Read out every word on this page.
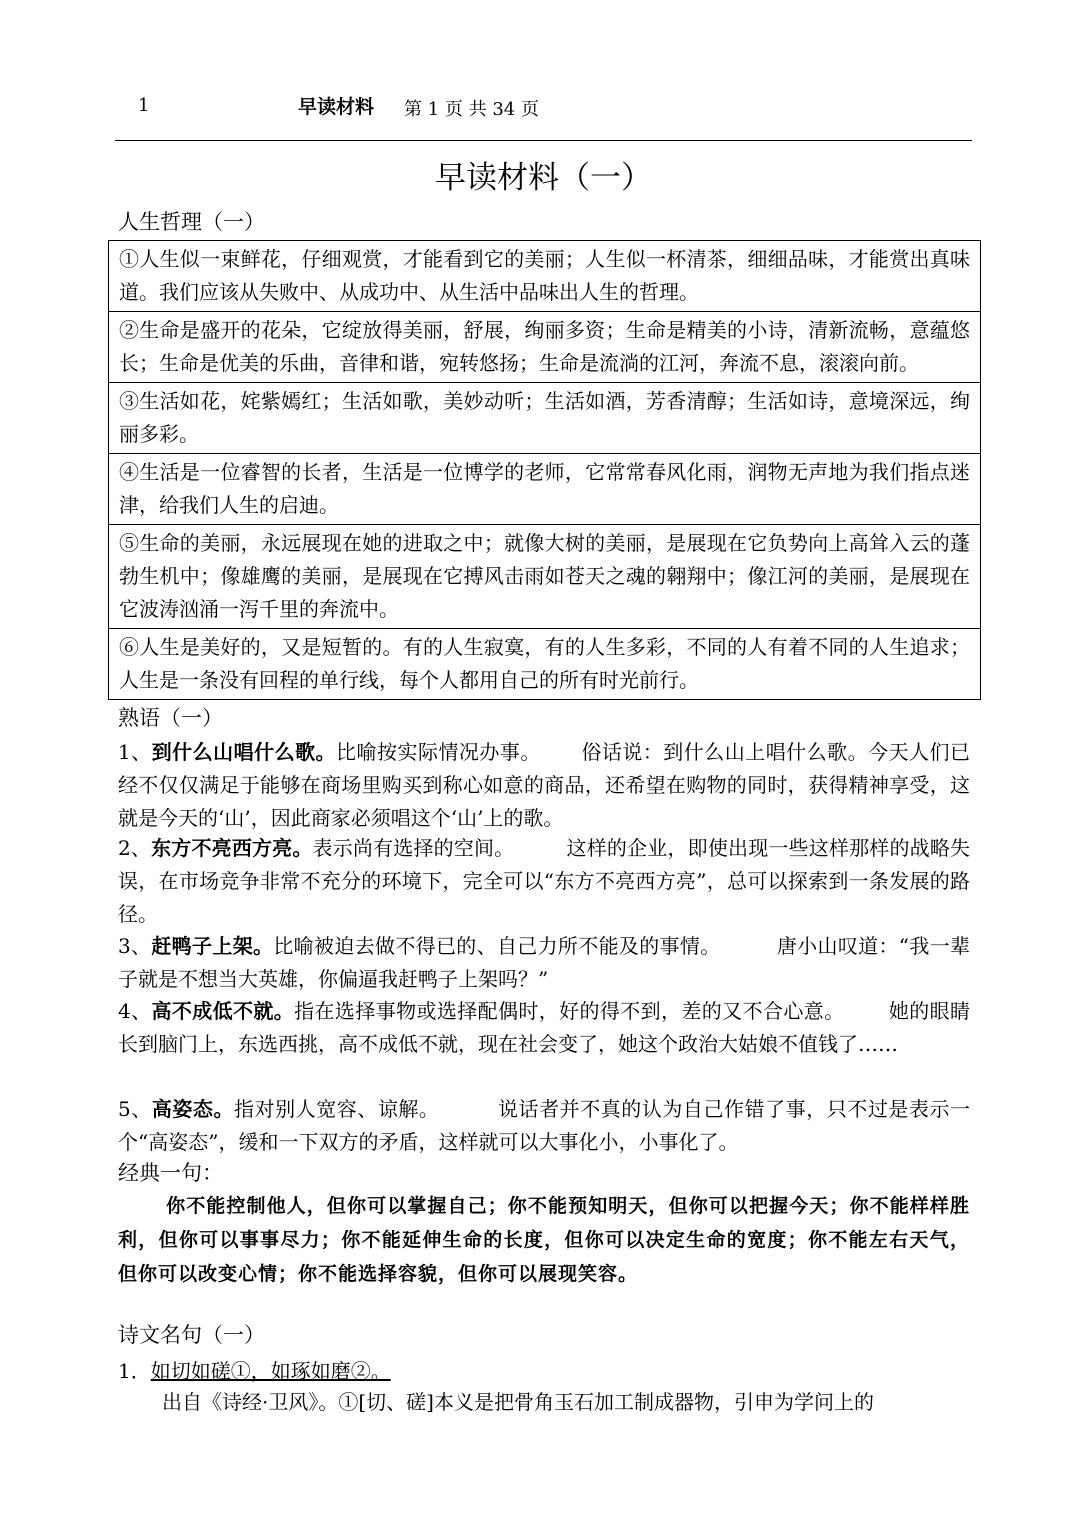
1	早读材料 第 1 页 共 34 页
早读材料（一）
人生哲理（一）
①人生似一束鲜花，仔细观赏，才能看到它的美丽；人生似一杯清茶，细细品味，才能赏出真味道。我们应该从失败中、从成功中、从生活中品味出人生的哲理。
②生命是盛开的花朵，它绽放得美丽，舒展，绚丽多资；生命是精美的小诗，清新流畅，意蕴悠长；生命是优美的乐曲，音律和谐，宛转悠扬；生命是流淌的江河，奔流不息，滚滚向前。
③生活如花，姹紫嫣红；生活如歌，美妙动听；生活如酒，芳香清醇；生活如诗，意境深远，绚丽多彩。
④生活是一位睿智的长者，生活是一位博学的老师，它常常春风化雨，润物无声地为我们指点迷津，给我们人生的启迪。
⑤生命的美丽，永远展现在她的进取之中；就像大树的美丽，是展现在它负势向上高耸入云的蓬勃生机中；像雄鹰的美丽，是展现在它搏风击雨如苍天之魂的翱翔中；像江河的美丽，是展现在它波涛汹涌一泻千里的奔流中。
⑥人生是美好的，又是短暂的。有的人生寂寞，有的人生多彩，不同的人有着不同的人生追求；人生是一条没有回程的单行线，每个人都用自己的所有时光前行。
熟语（一）
1、到什么山唱什么歌。比喻按实际情况办事。 俗话说：到什么山上唱什么歌。今天人们已经不仅仅满足于能够在商场里购买到称心如意的商品，还希望在购物的同时，获得精神享受，这就是今天的‘山’，因此商家必须唱这个‘山’上的歌。
2、东方不亮西方亮。表示尚有选择的空间。	这样的企业，即使出现一些这样那样的战略失误，在市场竞争非常不充分的环境下，完全可以“东方不亮西方亮”，总可以探索到一条发展的路径。
3、赶鸭子上架。比喻被迫去做不得已的、自己力所不能及的事情。	唐小山叹道：“我一辈子就是不想当大英雄，你偏逼我赶鸭子上架吗？”
4、高不成低不就。指在选择事物或选择配偶时，好的得不到，差的又不合心意。 她的眼睛长到脑门上，东选西挑，高不成低不就，现在社会变了，她这个政治大姑娘不值钱了……
5、高姿态。指对别人宽容、谅解。	说话者并不真的认为自己作错了事，只不过是表示一个“高姿态”，缓和一下双方的矛盾，这样就可以大事化小，小事化了。
经典一句：
你不能控制他人，但你可以掌握自己；你不能预知明天，但你可以把握今天；你不能样样胜利，但你可以事事尽力；你不能延伸生命的长度，但你可以决定生命的宽度；你不能左右天气，但你可以改变心情；你不能选择容貌，但你可以展现笑容。
诗文名句（一）
1．如切如磋①，如琢如磨②。
出自《诗经·卫风》。①[切、磋]本义是把骨角玉石加工制成器物，引申为学问上的
